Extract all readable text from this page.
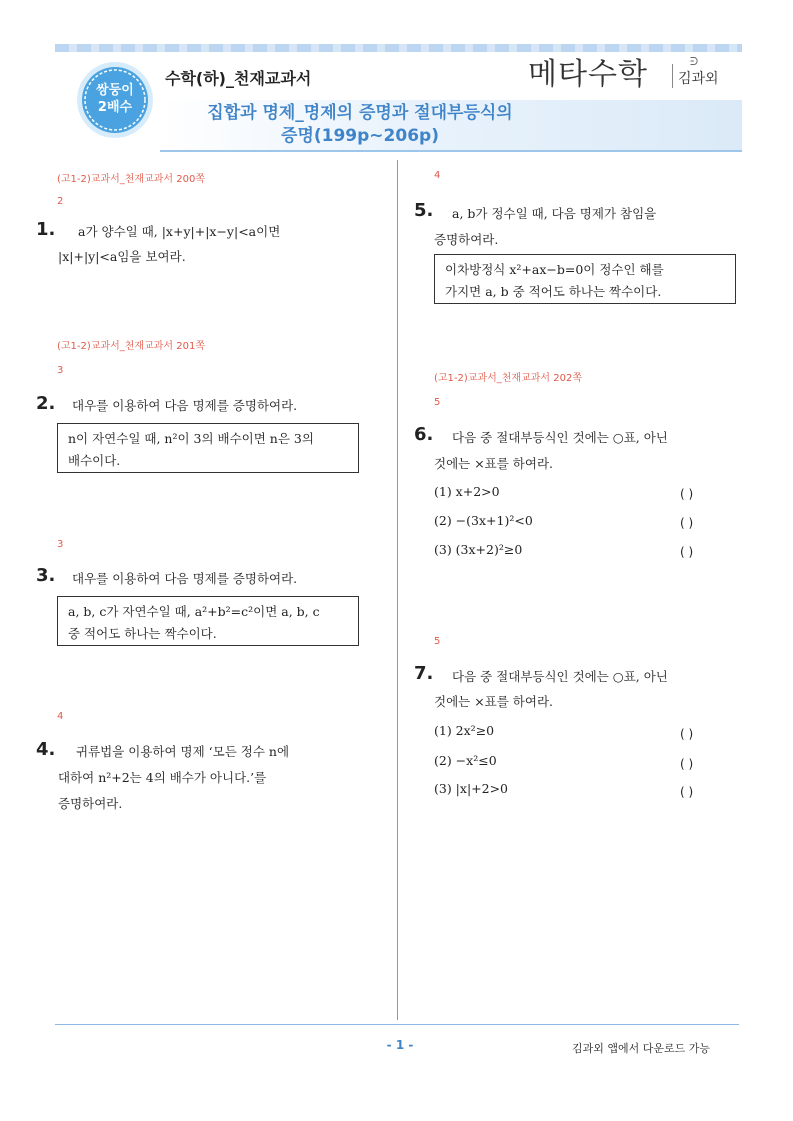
쌍둥이
2배수
수학(하)_천재교과서	메타수학	ᕭ
김과외
집합과 명제_명제의 증명과 절대부등식의
증명(199p~206p)
(고1-2)교과서_천재교과서 200쪽
2
1. a가 양수일 때, |x+y|+|x−y|<a이면
|x|+|y|<a임을 보여라.
(고1-2)교과서_천재교과서 201쪽
3
2. 대우를 이용하여 다음 명제를 증명하여라.
n이 자연수일 때, n²이 3의 배수이면 n은 3의
배수이다.
3
3. 대우를 이용하여 다음 명제를 증명하여라.
a, b, c가 자연수일 때, a²+b²=c²이면 a, b, c
중 적어도 하나는 짝수이다.
4
4. 귀류법을 이용하여 명제 ‘모든 정수 n에
대하여 n²+2는 4의 배수가 아니다.’를
증명하여라.
4
5. a, b가 정수일 때, 다음 명제가 참임을
증명하여라.
이차방정식 x²+ax−b=0이 정수인 해를
가지면 a, b 중 적어도 하나는 짝수이다.
(고1-2)교과서_천재교과서 202쪽
5
6. 다음 중 절대부등식인 것에는 ○표, 아닌
것에는 ×표를 하여라.
(1) x+2>0	( )
(2) −(3x+1)²<0	( )
(3) (3x+2)²≥0	( )
5
7. 다음 중 절대부등식인 것에는 ○표, 아닌
것에는 ×표를 하여라.
(1) 2x²≥0	( )
(2) −x²≤0	( )
(3) |x|+2>0	( )
- 1 -	김과외 앱에서 다운로드 가능
